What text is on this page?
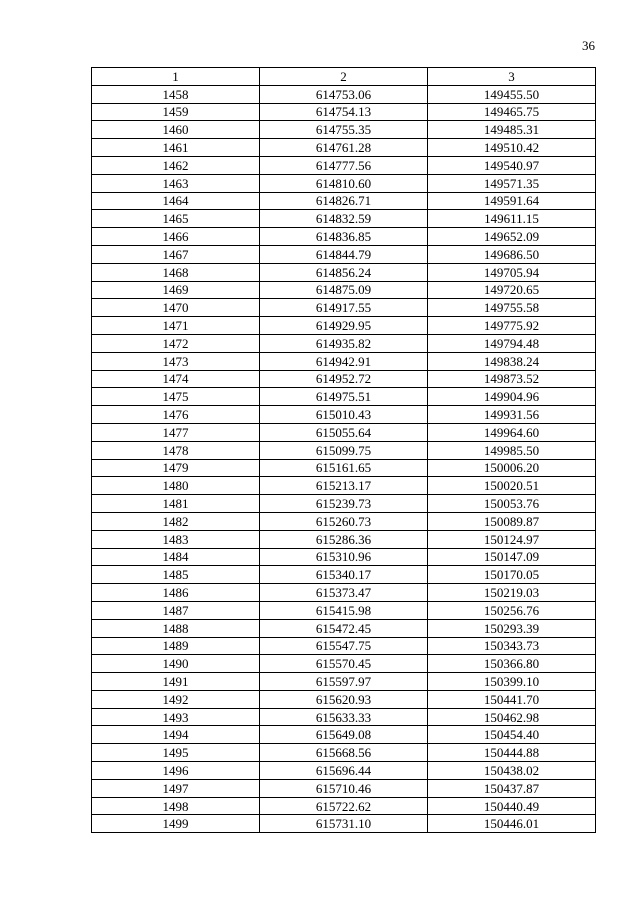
36
1	2	3
1458	614753.06	149455.50
1459	614754.13	149465.75
1460	614755.35	149485.31
1461	614761.28	149510.42
1462	614777.56	149540.97
1463	614810.60	149571.35
1464	614826.71	149591.64
1465	614832.59	149611.15
1466	614836.85	149652.09
1467	614844.79	149686.50
1468	614856.24	149705.94
1469	614875.09	149720.65
1470	614917.55	149755.58
1471	614929.95	149775.92
1472	614935.82	149794.48
1473	614942.91	149838.24
1474	614952.72	149873.52
1475	614975.51	149904.96
1476	615010.43	149931.56
1477	615055.64	149964.60
1478	615099.75	149985.50
1479	615161.65	150006.20
1480	615213.17	150020.51
1481	615239.73	150053.76
1482	615260.73	150089.87
1483	615286.36	150124.97
1484	615310.96	150147.09
1485	615340.17	150170.05
1486	615373.47	150219.03
1487	615415.98	150256.76
1488	615472.45	150293.39
1489	615547.75	150343.73
1490	615570.45	150366.80
1491	615597.97	150399.10
1492	615620.93	150441.70
1493	615633.33	150462.98
1494	615649.08	150454.40
1495	615668.56	150444.88
1496	615696.44	150438.02
1497	615710.46	150437.87
1498	615722.62	150440.49
1499	615731.10	150446.01
